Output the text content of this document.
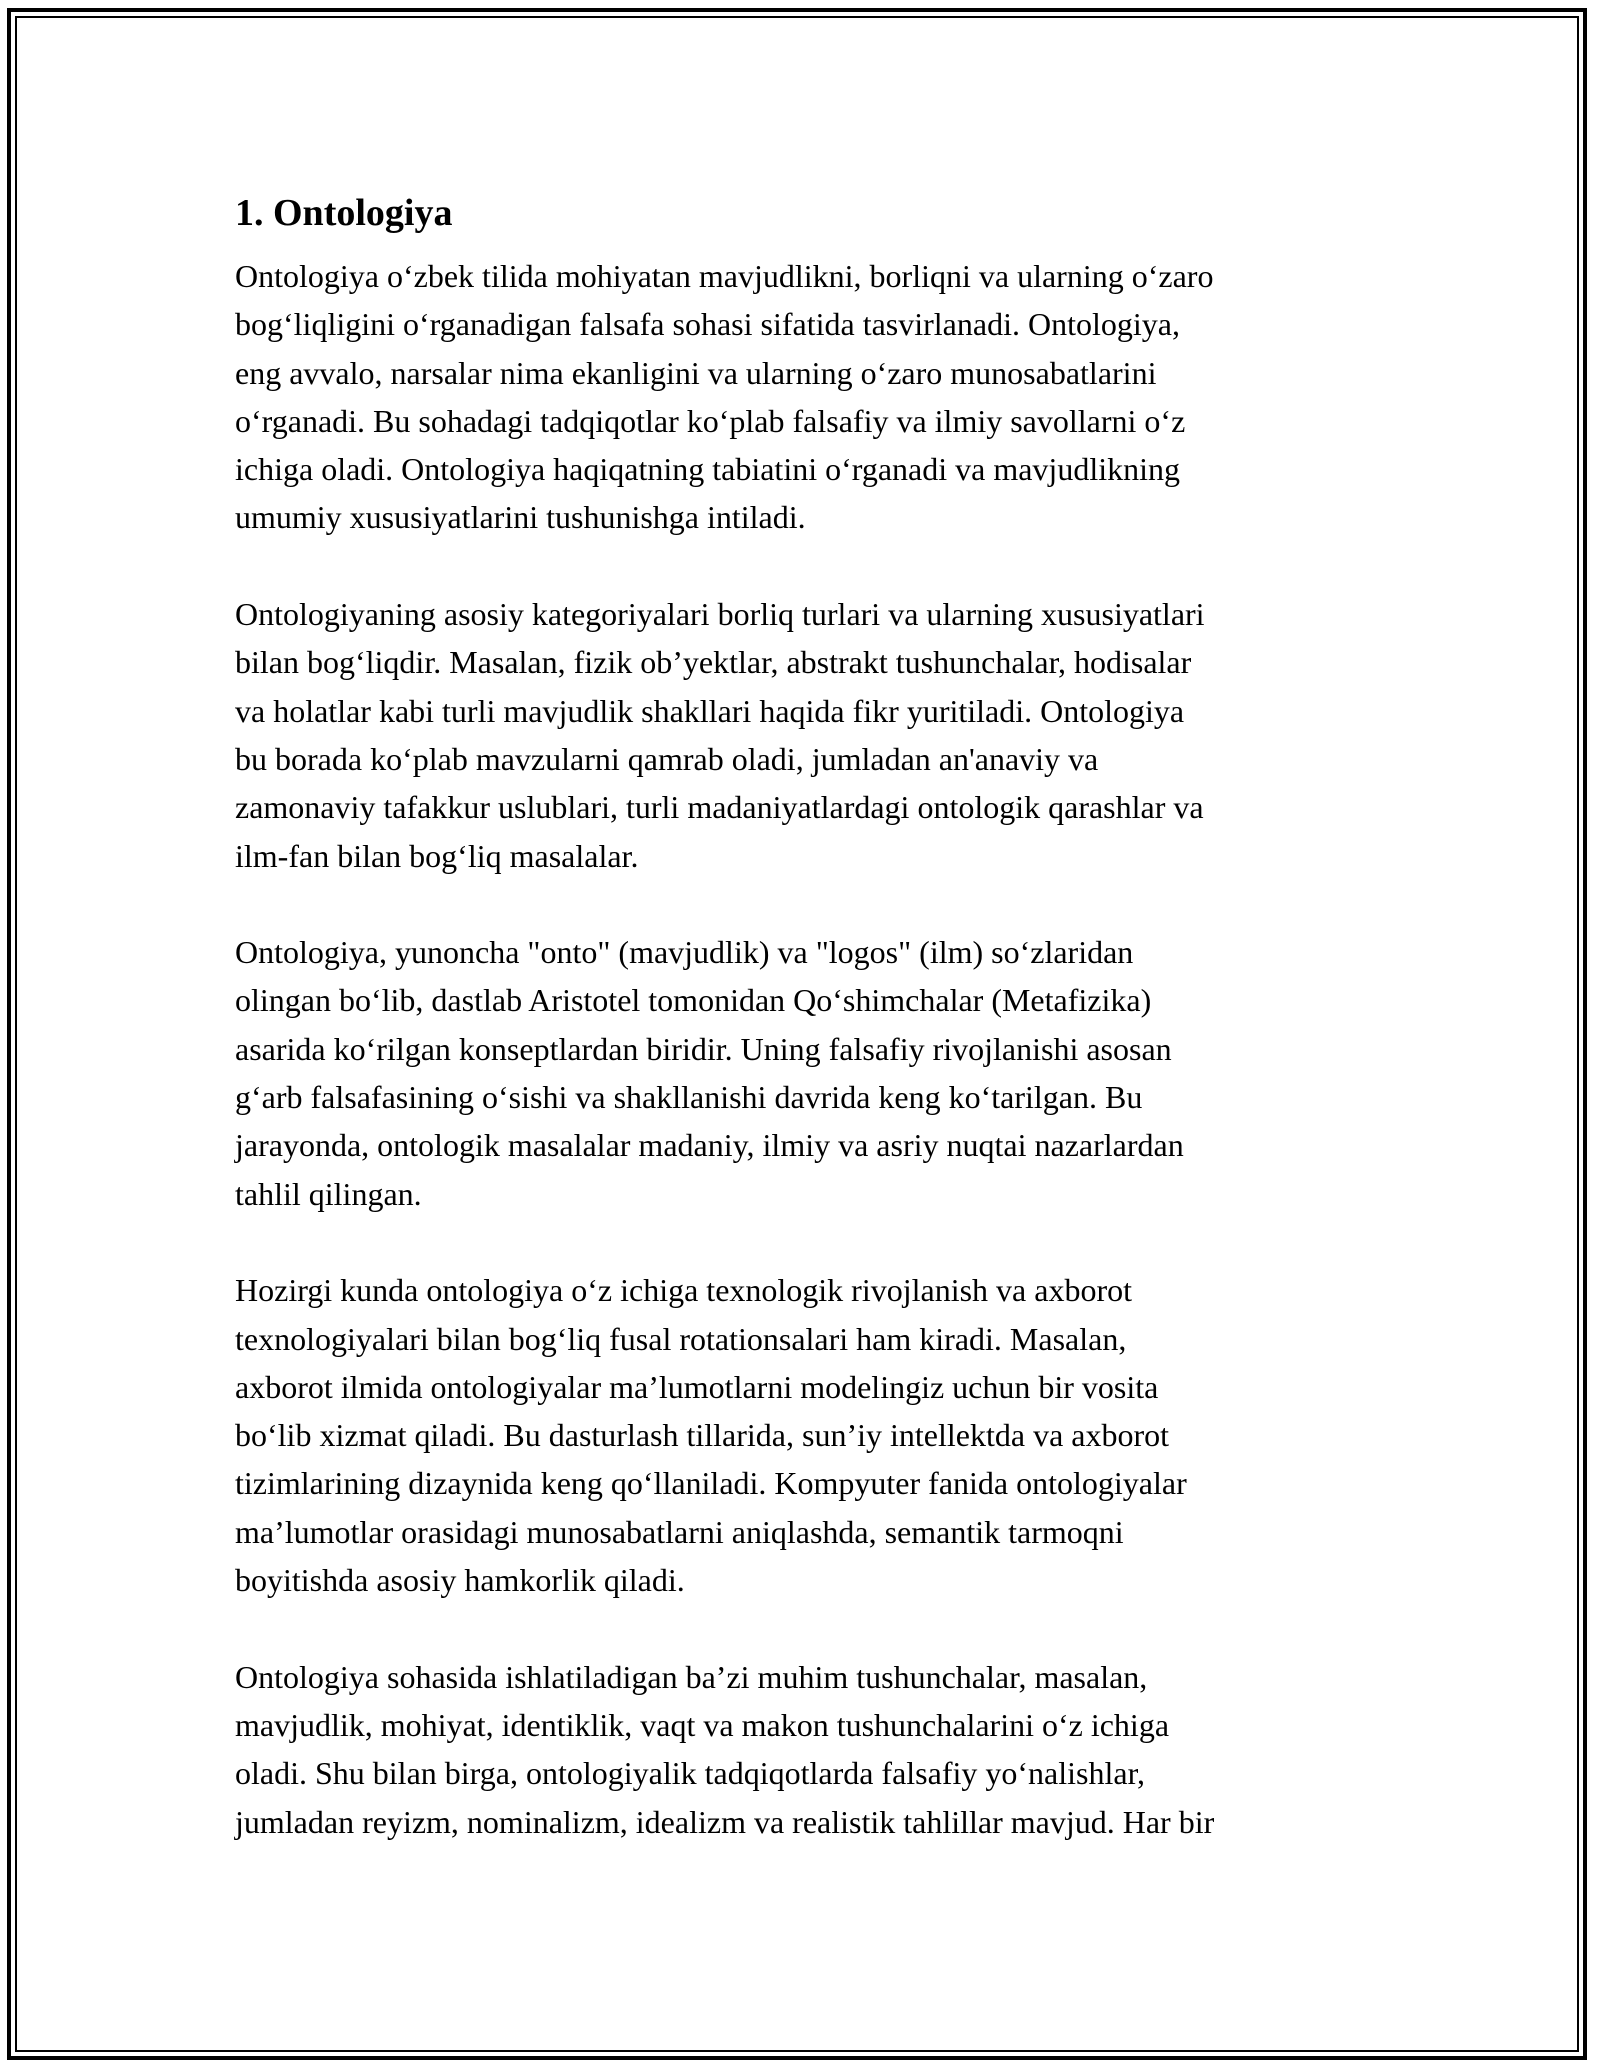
1. Ontologiya

Ontologiya o‘zbek tilida mohiyatan mavjudlikni, borliqni va ularning o‘zaro
bog‘liqligini o‘rganadigan falsafa sohasi sifatida tasvirlanadi. Ontologiya,
eng avvalo, narsalar nima ekanligini va ularning o‘zaro munosabatlarini
o‘rganadi. Bu sohadagi tadqiqotlar ko‘plab falsafiy va ilmiy savollarni o‘z
ichiga oladi. Ontologiya haqiqatning tabiatini o‘rganadi va mavjudlikning
umumiy xususiyatlarini tushunishga intiladi.

Ontologiyaning asosiy kategoriyalari borliq turlari va ularning xususiyatlari
bilan bog‘liqdir. Masalan, fizik ob’yektlar, abstrakt tushunchalar, hodisalar
va holatlar kabi turli mavjudlik shakllari haqida fikr yuritiladi. Ontologiya
bu borada ko‘plab mavzularni qamrab oladi, jumladan an'anaviy va
zamonaviy tafakkur uslublari, turli madaniyatlardagi ontologik qarashlar va
ilm-fan bilan bog‘liq masalalar.

Ontologiya, yunoncha "onto" (mavjudlik) va "logos" (ilm) so‘zlaridan
olingan bo‘lib, dastlab Aristotel tomonidan Qo‘shimchalar (Metafizika)
asarida ko‘rilgan konseptlardan biridir. Uning falsafiy rivojlanishi asosan
g‘arb falsafasining o‘sishi va shakllanishi davrida keng ko‘tarilgan. Bu
jarayonda, ontologik masalalar madaniy, ilmiy va asriy nuqtai nazarlardan
tahlil qilingan.

Hozirgi kunda ontologiya o‘z ichiga texnologik rivojlanish va axborot
texnologiyalari bilan bog‘liq fusal rotationsalari ham kiradi. Masalan,
axborot ilmida ontologiyalar ma’lumotlarni modelingiz uchun bir vosita
bo‘lib xizmat qiladi. Bu dasturlash tillarida, sun’iy intellektda va axborot
tizimlarining dizaynida keng qo‘llaniladi. Kompyuter fanida ontologiyalar
ma’lumotlar orasidagi munosabatlarni aniqlashda, semantik tarmoqni
boyitishda asosiy hamkorlik qiladi.

Ontologiya sohasida ishlatiladigan ba’zi muhim tushunchalar, masalan,
mavjudlik, mohiyat, identiklik, vaqt va makon tushunchalarini o‘z ichiga
oladi. Shu bilan birga, ontologiyalik tadqiqotlarda falsafiy yo‘nalishlar,
jumladan reyizm, nominalizm, idealizm va realistik tahlillar mavjud. Har bir
